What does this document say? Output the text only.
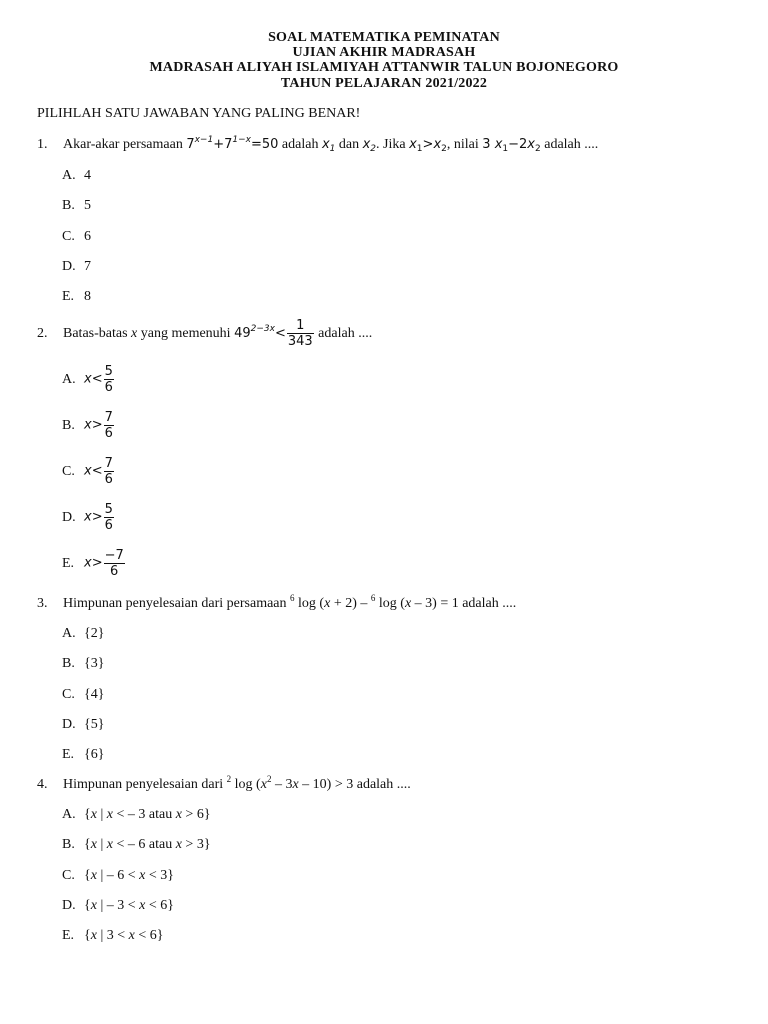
SOAL MATEMATIKA PEMINATAN
UJIAN AKHIR MADRASAH
MADRASAH ALIYAH ISLAMIYAH ATTANWIR TALUN BOJONEGORO
TAHUN PELAJARAN 2021/2022
PILIHLAH SATU JAWABAN YANG PALING BENAR!
1. Akar-akar persamaan $7^{x-1}+7^{1-x}=50$ adalah $x_1$ dan $x_2$. Jika $x_1>x_2$, nilai 3 $x_1-2x_2$ adalah ....
A. 4
B. 5
C. 6
D. 7
E. 8
2. Batas-batas x yang memenuhi $49^{2-3x}< \frac{1}{343}$ adalah ....
A. $x< \frac{5}{6}$
B. $x> \frac{7}{6}$
C. $x< \frac{7}{6}$
D. $x> \frac{5}{6}$
E. $x> \frac{-7}{6}$
3. Himpunan penyelesaian dari persamaan $^6$ log (x + 2) – $^6$ log (x – 3) = 1 adalah ....
A. {2}
B. {3}
C. {4}
D. {5}
E. {6}
4. Himpunan penyelesaian dari $^2$ $\log (x^2 - 3x - 10) > 3$ adalah ....
A. {x | x < – 3 atau x > 6}
B. {x | x < – 6 atau x > 3}
C. {x | – 6 < x < 3}
D. {x | – 3 < x < 6}
E. {x | 3 < x < 6}
